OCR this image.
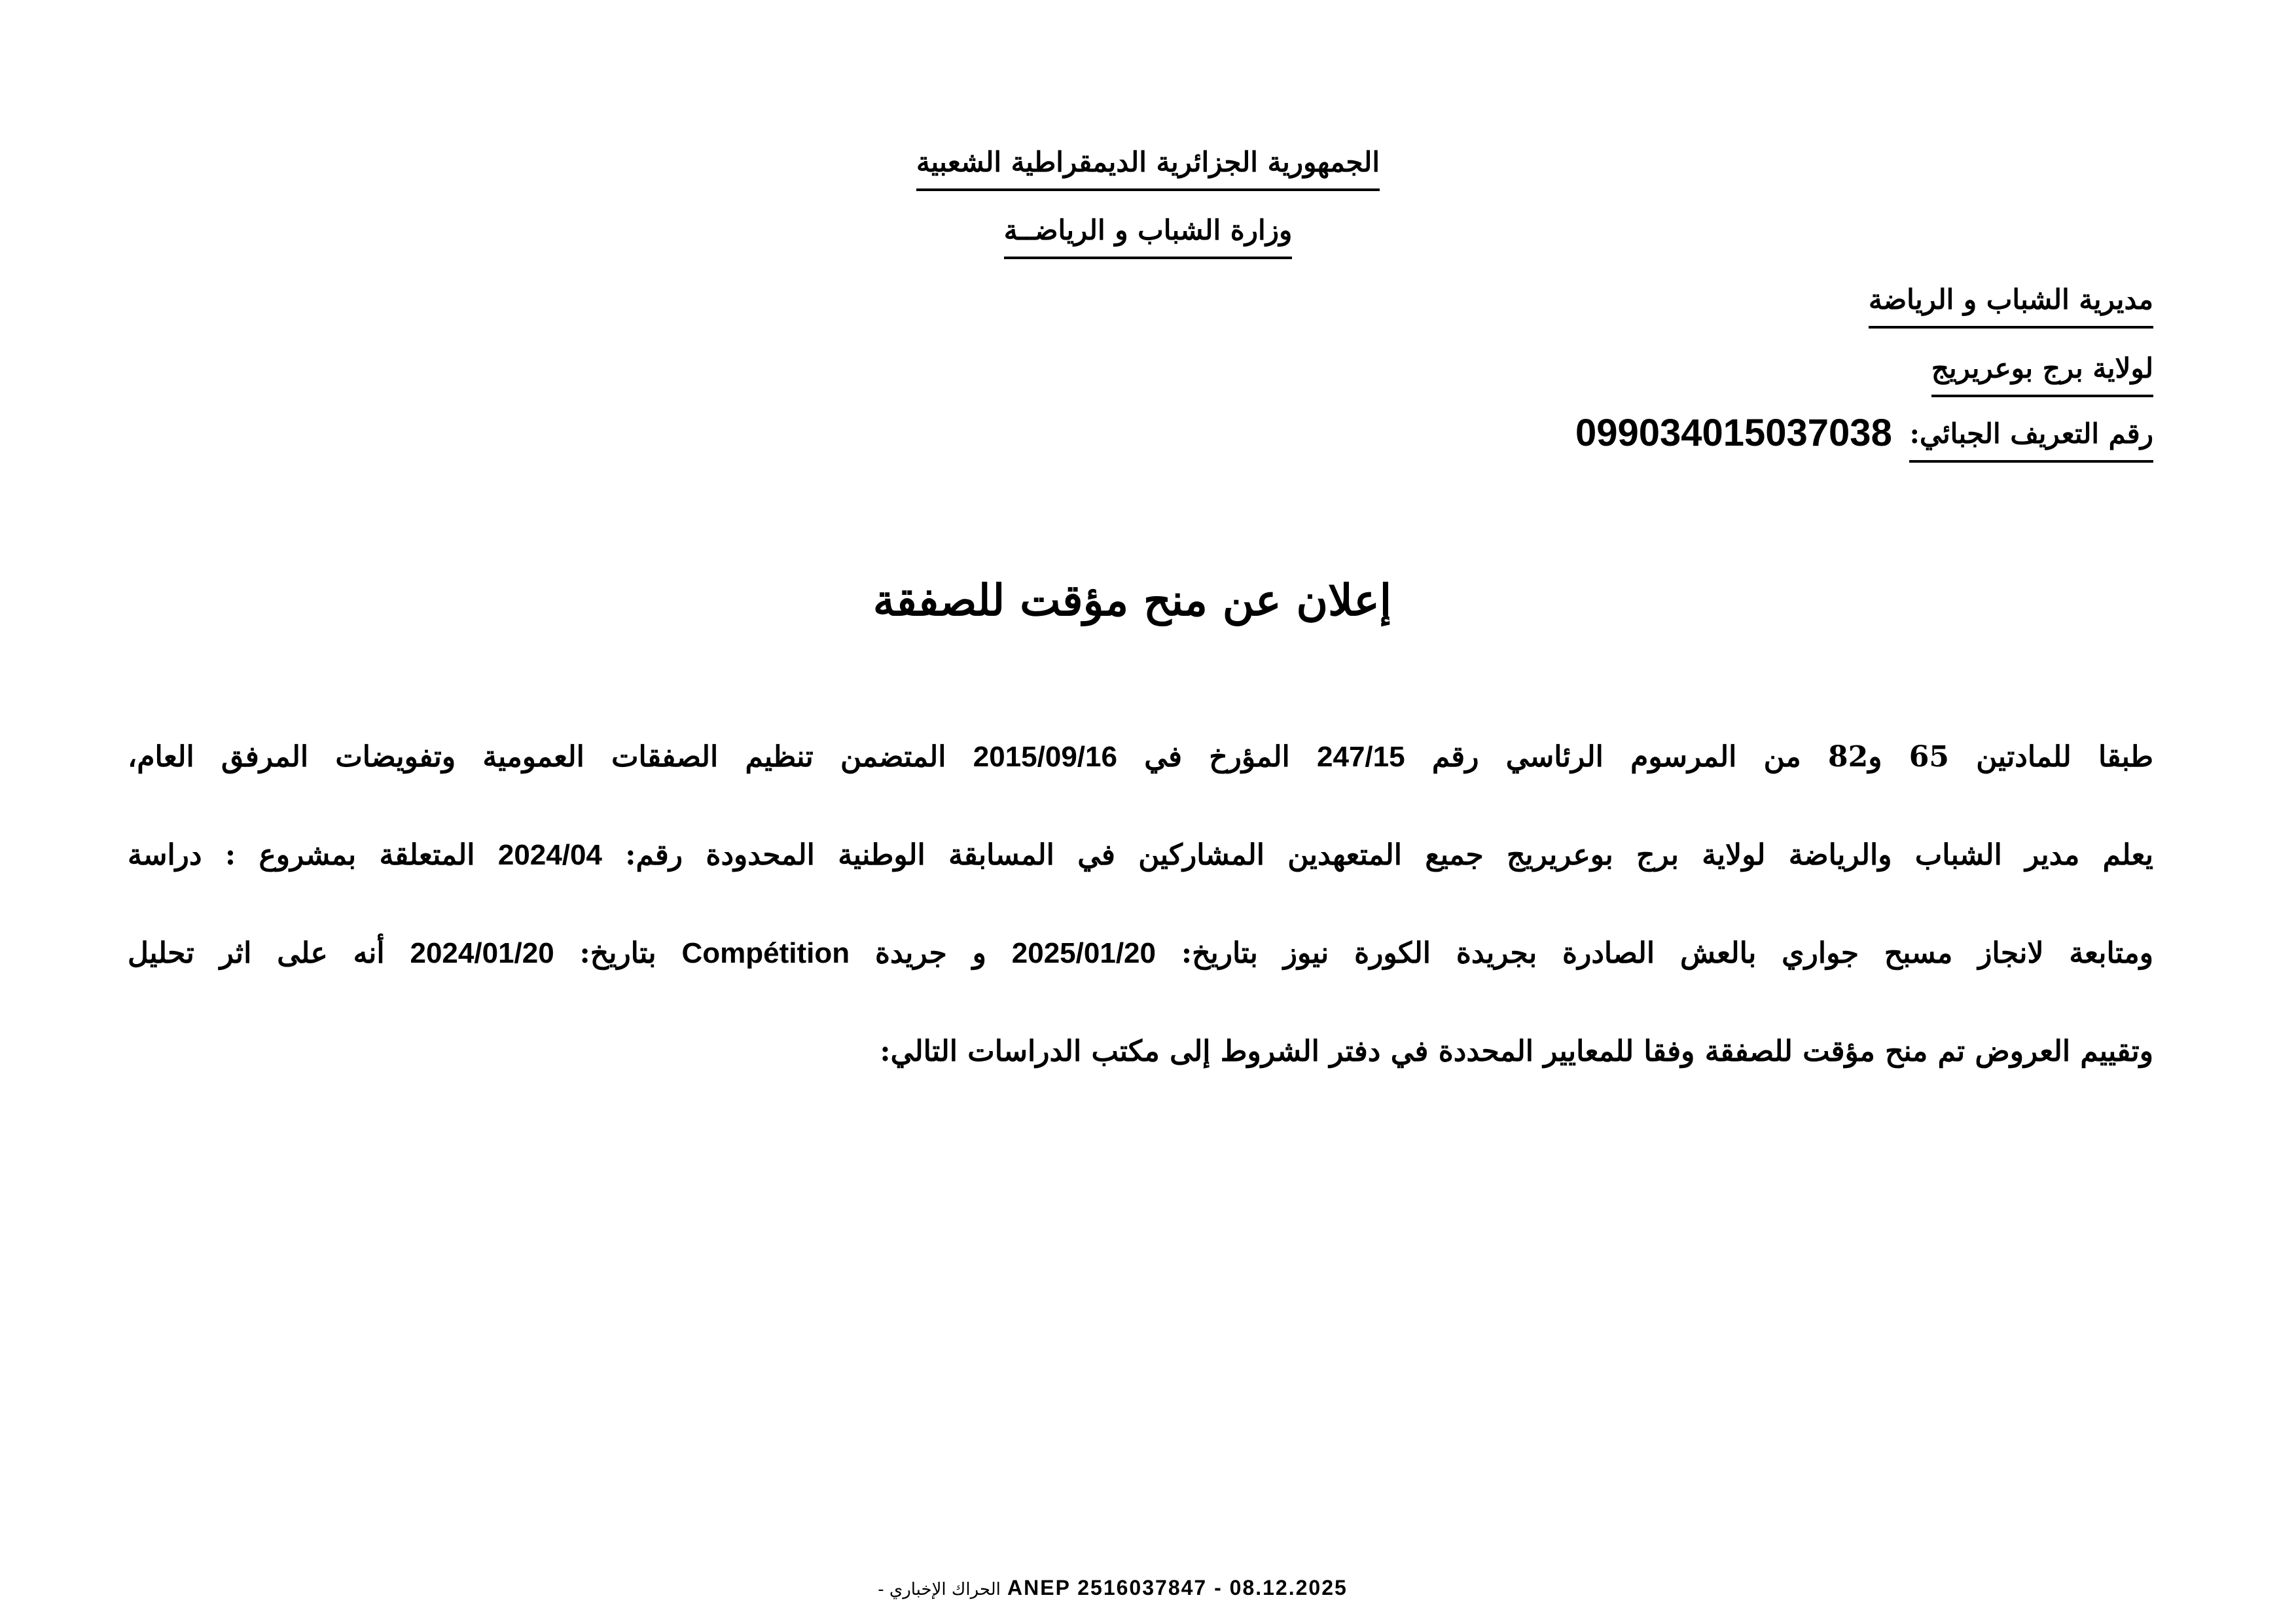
الجمهورية الجزائرية الديمقراطية الشعبية
وزارة الشباب و الرياضــة
مديرية الشباب و الرياضة
لولاية برج بوعريريج
رقم التعريف الجبائي: 099034015037038
إعلان عن منح مؤقت للصفقة
طبقا للمادتين 65 و82 من المرسوم الرئاسي رقم 247/15 المؤرخ في 2015/09/16 المتضمن تنظيم الصفقات العمومية وتفويضات المرفق العام،
يعلم مدير الشباب والرياضة لولاية برج بوعريريج جميع المتعهدين المشاركين في المسابقة الوطنية المحدودة رقم: 2024/04 المتعلقة بمشروع : دراسة
ومتابعة لانجاز مسبح جواري بالعش الصادرة بجريدة الكورة نيوز بتاريخ: 2025/01/20 و جريدة Compétition بتاريخ: 2024/01/20 أنه على اثر تحليل
وتقييم العروض تم منح مؤقت للصفقة وفقا للمعايير المحددة في دفتر الشروط إلى مكتب الدراسات التالي:
الحراك الإخباري - ANEP 2516037847 - 08.12.2025
